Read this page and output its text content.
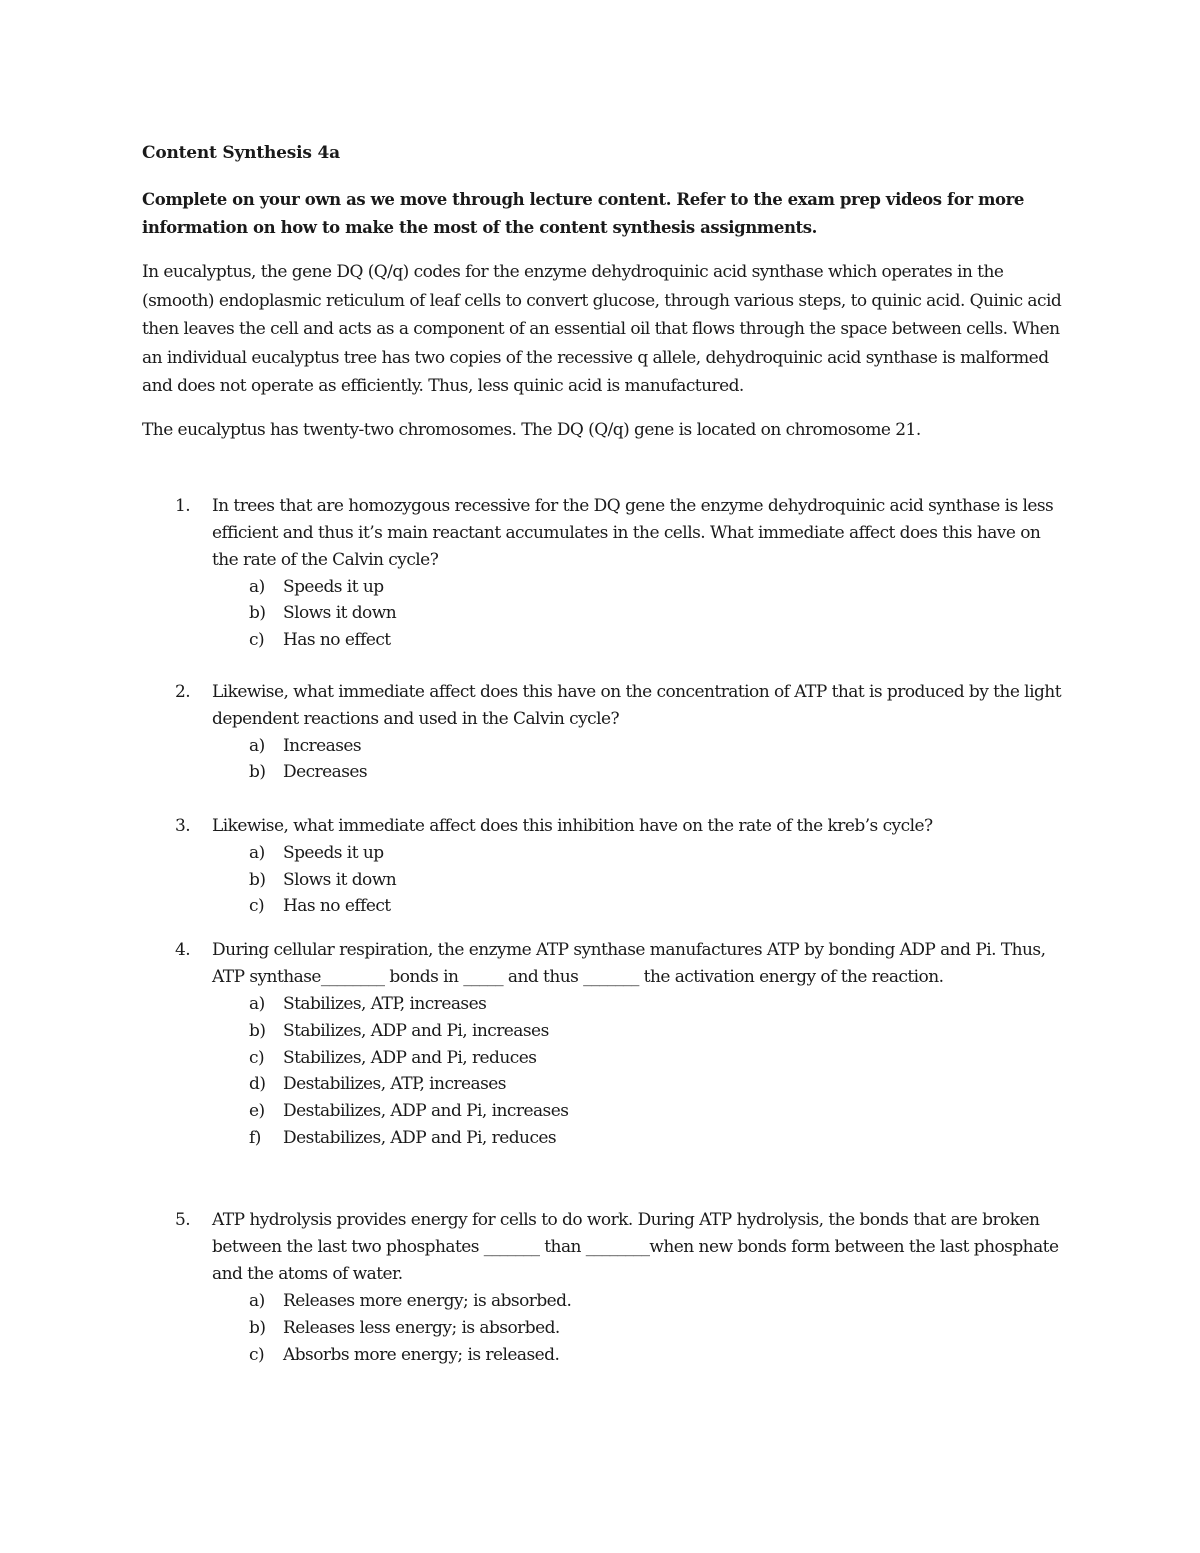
Content Synthesis 4a

Complete on your own as we move through lecture content. Refer to the exam prep videos for more information on how to make the most of the content synthesis assignments.

In eucalyptus, the gene DQ (Q/q) codes for the enzyme dehydroquinic acid synthase which operates in the (smooth) endoplasmic reticulum of leaf cells to convert glucose, through various steps, to quinic acid. Quinic acid then leaves the cell and acts as a component of an essential oil that flows through the space between cells. When an individual eucalyptus tree has two copies of the recessive q allele, dehydroquinic acid synthase is malformed and does not operate as efficiently. Thus, less quinic acid is manufactured.

The eucalyptus has twenty-two chromosomes. The DQ (Q/q) gene is located on chromosome 21.

1. In trees that are homozygous recessive for the DQ gene the enzyme dehydroquinic acid synthase is less efficient and thus it’s main reactant accumulates in the cells. What immediate affect does this have on the rate of the Calvin cycle?
a) Speeds it up
b) Slows it down
c) Has no effect
2. Likewise, what immediate affect does this have on the concentration of ATP that is produced by the light dependent reactions and used in the Calvin cycle?
a) Increases
b) Decreases
3. Likewise, what immediate affect does this inhibition have on the rate of the kreb’s cycle?
a) Speeds it up
b) Slows it down
c) Has no effect
4. During cellular respiration, the enzyme ATP synthase manufactures ATP by bonding ADP and Pi. Thus, ATP synthase________ bonds in _____ and thus _______ the activation energy of the reaction.
a) Stabilizes, ATP, increases
b) Stabilizes, ADP and Pi, increases
c) Stabilizes, ADP and Pi, reduces
d) Destabilizes, ATP, increases
e) Destabilizes, ADP and Pi, increases
f) Destabilizes, ADP and Pi, reduces
5. ATP hydrolysis provides energy for cells to do work. During ATP hydrolysis, the bonds that are broken between the last two phosphates _______ than ________when new bonds form between the last phosphate and the atoms of water.
a) Releases more energy; is absorbed.
b) Releases less energy; is absorbed.
c) Absorbs more energy; is released.
